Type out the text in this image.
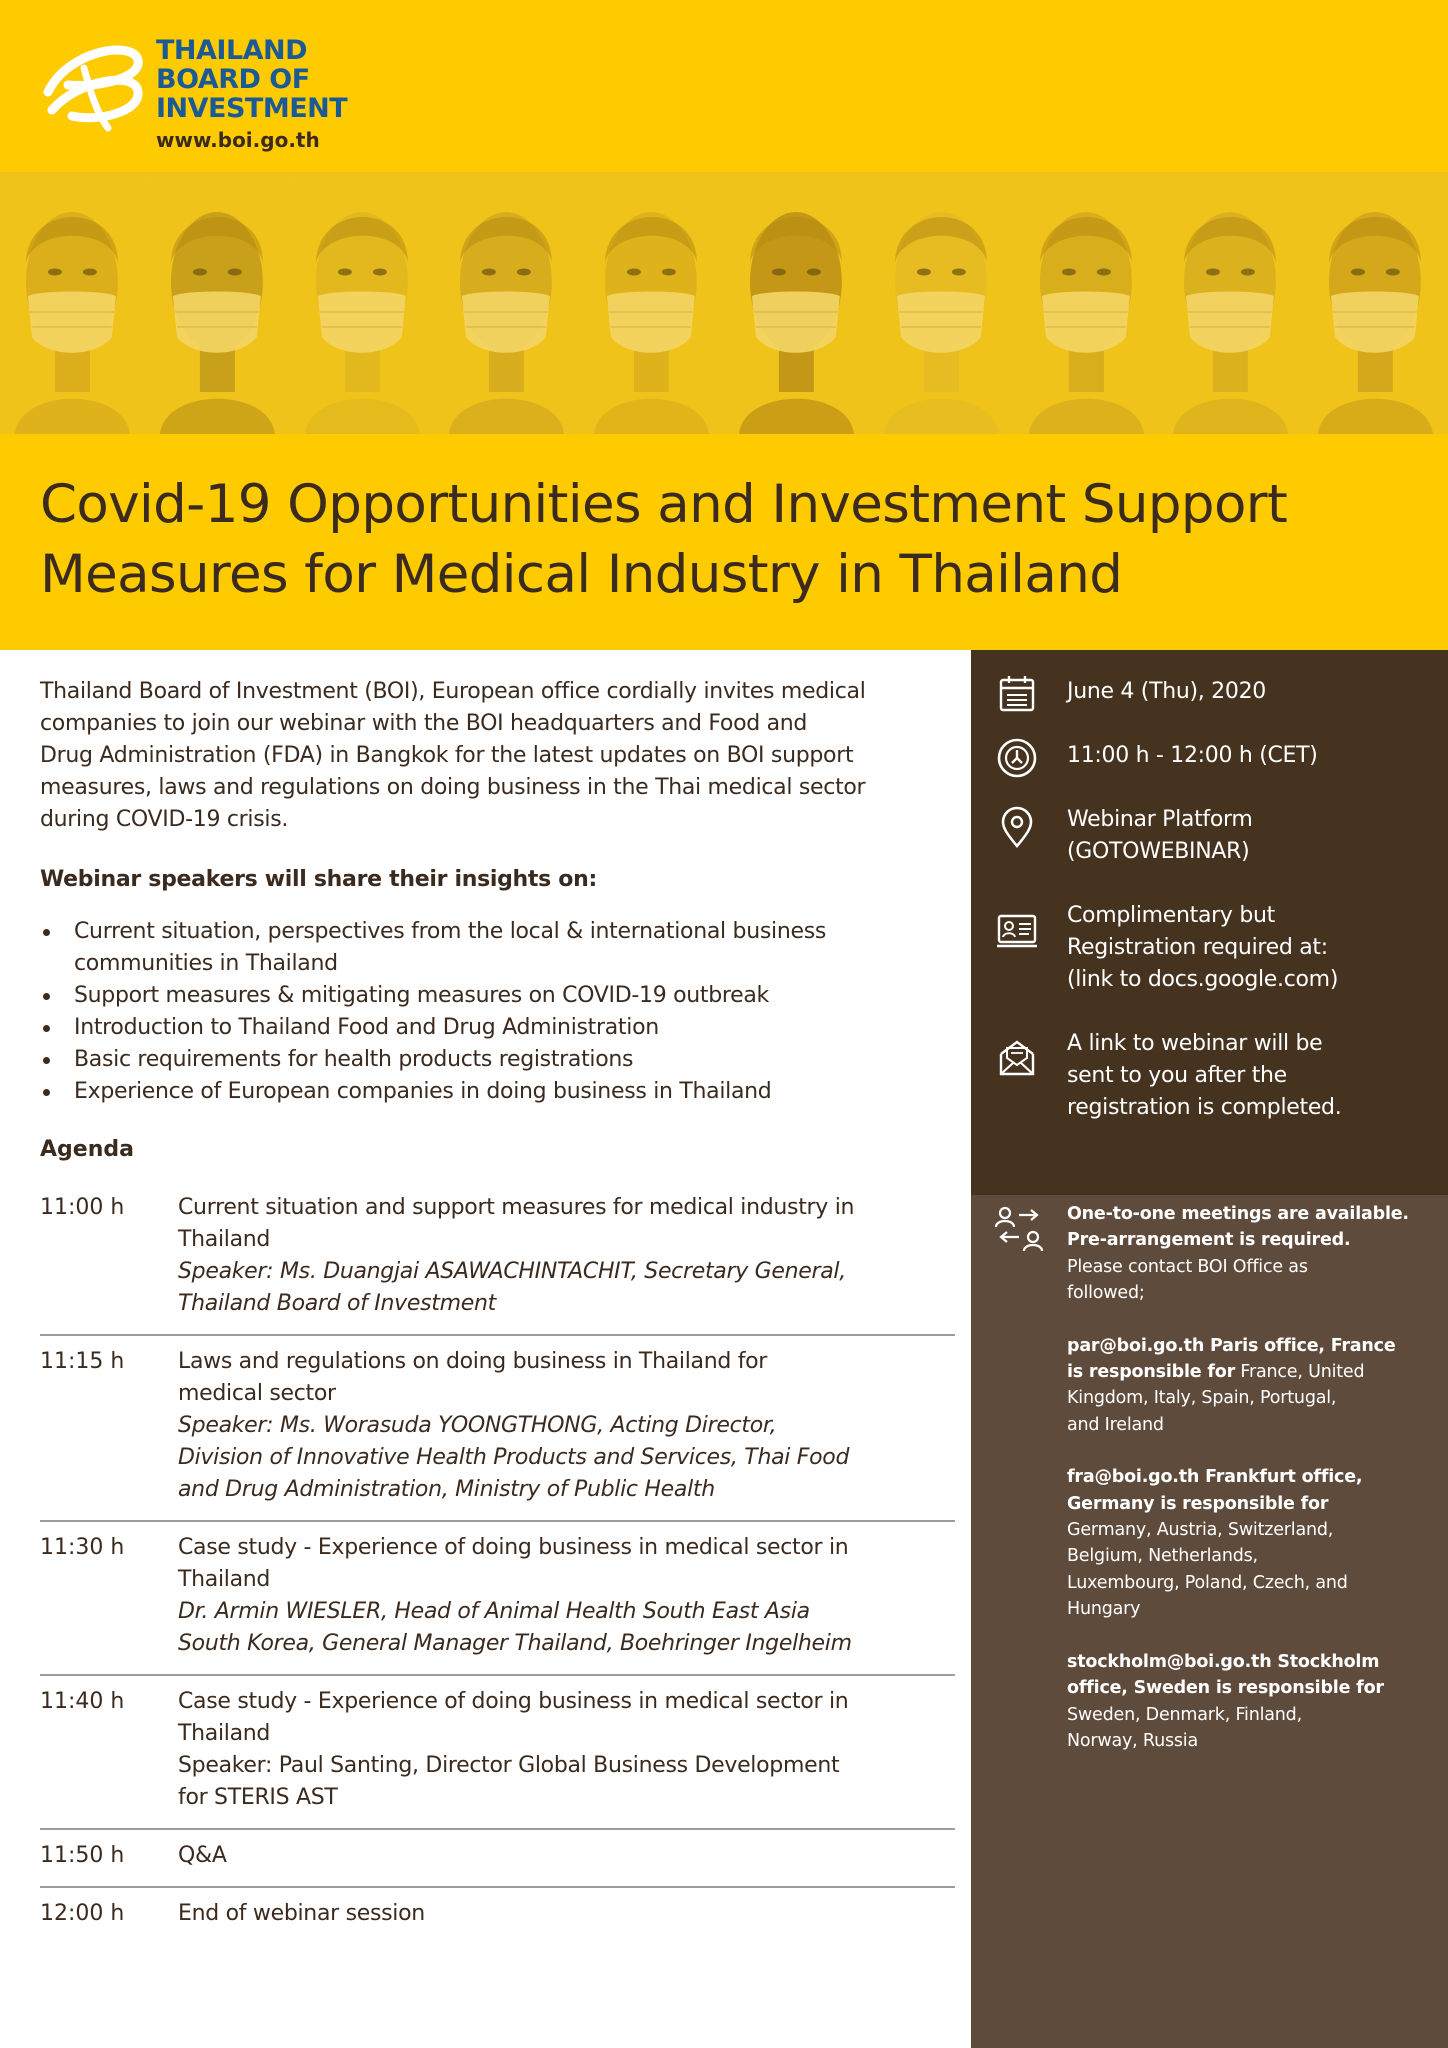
THAILAND
BOARD OF
INVESTMENT
www.boi.go.th
Covid-19 Opportunities and Investment Support
Measures for Medical Industry in Thailand
Thailand Board of Investment (BOI), European office cordially invites medical
companies to join our webinar with the BOI headquarters and Food and
Drug Administration (FDA) in Bangkok for the latest updates on BOI support
measures, laws and regulations on doing business in the Thai medical sector
during COVID-19 crisis.
Webinar speakers will share their insights on:
Current situation, perspectives from the local & international business
communities in Thailand
Support measures & mitigating measures on COVID-19 outbreak
Introduction to Thailand Food and Drug Administration
Basic requirements for health products registrations
Experience of European companies in doing business in Thailand
Agenda
11:00 h	Current situation and support measures for medical industry in
Thailand
Speaker: Ms. Duangjai ASAWACHINTACHIT, Secretary General,
Thailand Board of Investment
11:15 h	Laws and regulations on doing business in Thailand for
medical sector
Speaker: Ms. Worasuda YOONGTHONG, Acting Director,
Division of Innovative Health Products and Services, Thai Food
and Drug Administration, Ministry of Public Health
11:30 h	Case study - Experience of doing business in medical sector in
Thailand
Dr. Armin WIESLER, Head of Animal Health South East Asia
South Korea, General Manager Thailand, Boehringer Ingelheim
11:40 h	Case study - Experience of doing business in medical sector in
Thailand
Speaker: Paul Santing, Director Global Business Development
for STERIS AST
11:50 h	Q&A
12:00 h	End of webinar session
June 4 (Thu), 2020
11:00 h - 12:00 h (CET)
Webinar Platform
(GOTOWEBINAR)
Complimentary but
Registration required at:
(link to docs.google.com)
A link to webinar will be
sent to you after the
registration is completed.
One-to-one meetings are available.
Pre-arrangement is required.
Please contact BOI Office as
followed;
par@boi.go.th Paris office, France
is responsible for France, United
Kingdom, Italy, Spain, Portugal,
and Ireland
fra@boi.go.th Frankfurt office,
Germany is responsible for
Germany, Austria, Switzerland,
Belgium, Netherlands,
Luxembourg, Poland, Czech, and
Hungary
stockholm@boi.go.th Stockholm
office, Sweden is responsible for
Sweden, Denmark, Finland,
Norway, Russia
